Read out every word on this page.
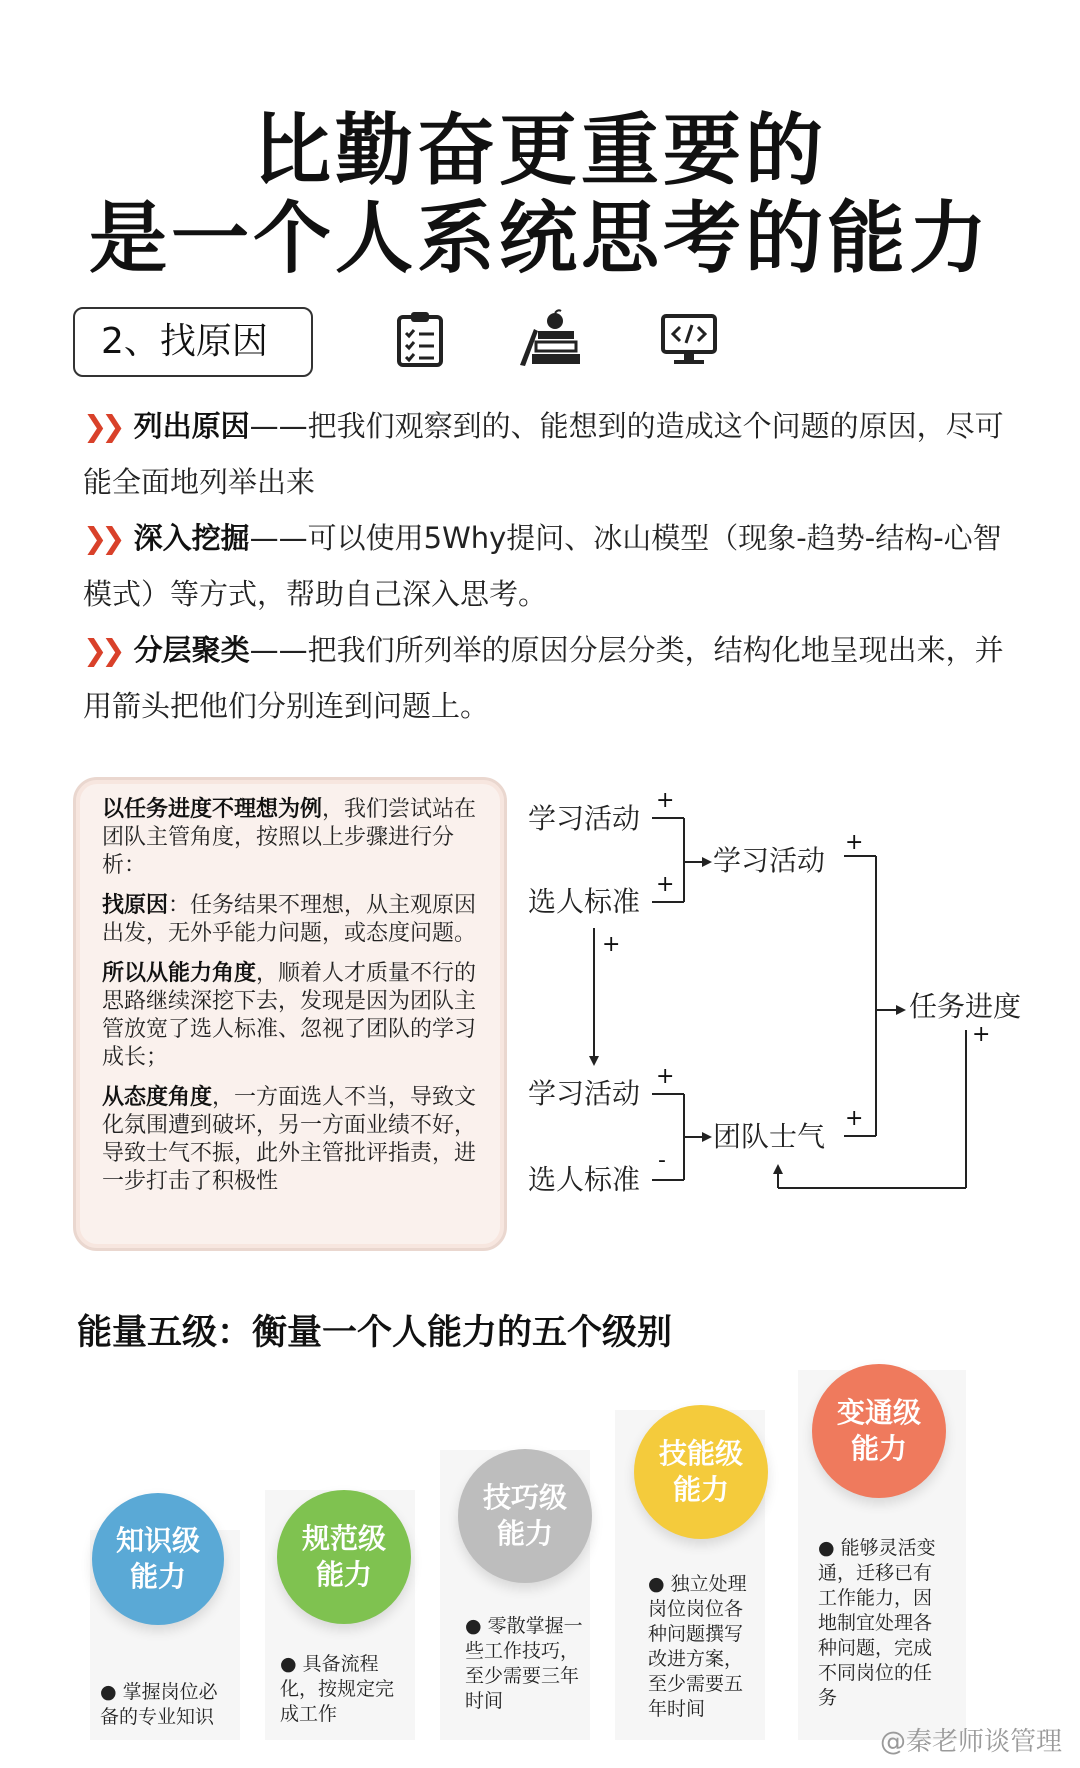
比勤奋更重要的
是一个人系统思考的能力
2、找原因
❯❯ 列出原因——把我们观察到的、能想到的造成这个问题的原因，尽可
能全面地列举出来
❯❯ 深入挖掘——可以使用5Why提问、冰山模型（现象-趋势-结构-心智
模式）等方式，帮助自己深入思考。
❯❯ 分层聚类——把我们所列举的原因分层分类，结构化地呈现出来，并
用箭头把他们分别连到问题上。

以任务进度不理想为例，我们尝试站在团队主管角度，按照以上步骤进行分析：

找原因：任务结果不理想，从主观原因出发，无外乎能力问题，或态度问题。

所以从能力角度，顺着人才质量不行的思路继续深挖下去，发现是因为团队主管放宽了选人标准、忽视了团队的学习成长；

从态度角度，一方面选人不当，导致文化氛围遭到破坏，另一方面业绩不好，导致士气不振，此外主管批评指责，进一步打击了积极性

学习活动
选人标准
学习活动
任务进度
学习活动
选人标准
团队士气
+
+
+
+
+
+
-
+
能量五级：衡量一个人能力的五个级别
知识级
能力
规范级
能力
技巧级
能力
技能级
能力
变通级
能力
● 掌握岗位必备的专业知识
● 具备流程化，按规定完成工作
● 零散掌握一些工作技巧，至少需要三年时间
● 独立处理岗位岗位各种问题撰写改进方案，至少需要五年时间
● 能够灵活变通，迁移已有工作能力，因地制宜处理各种问题，完成不同岗位的任务
@秦老师谈管理
